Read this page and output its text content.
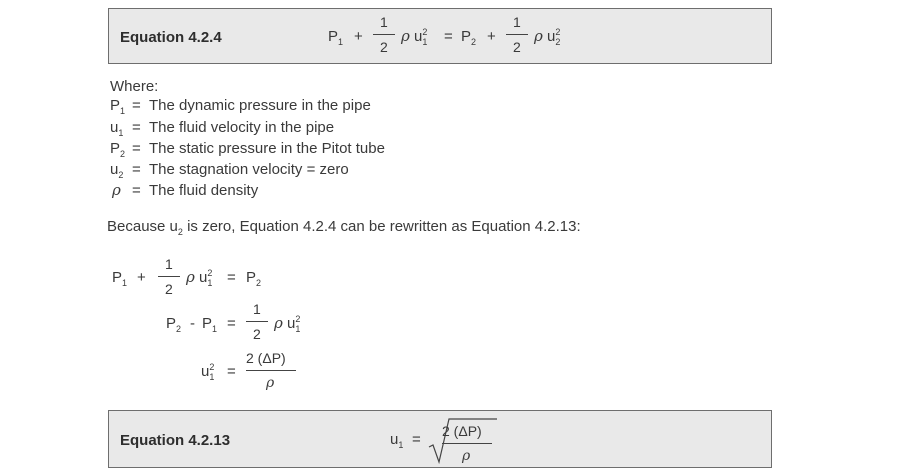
Equation 4.2.4	$P_1$ +
1
2
ρ $u_1^2 = P_2$ +
1
2
ρ $u_2^2$
Where:
$P_1$ = The dynamic pressure in the pipe
$u_1$ = The fluid velocity in the pipe
$P_2$ = The static pressure in the Pitot tube
$u_2$ = The stagnation velocity = zero
ρ = The fluid density
Because $u_2$ is zero, Equation 4.2.4 can be rewritten as Equation 4.2.13:
$P_1$ +
1
2
ρ $u_1^2 = P_2$
$P_2 - P_1$ =
1
2
ρ $u_1^2$
$u_1^2$ =
2 (ΔP)
ρ
Equation 4.2.13	$u_1 = 2$ (ΔP)
ρ
